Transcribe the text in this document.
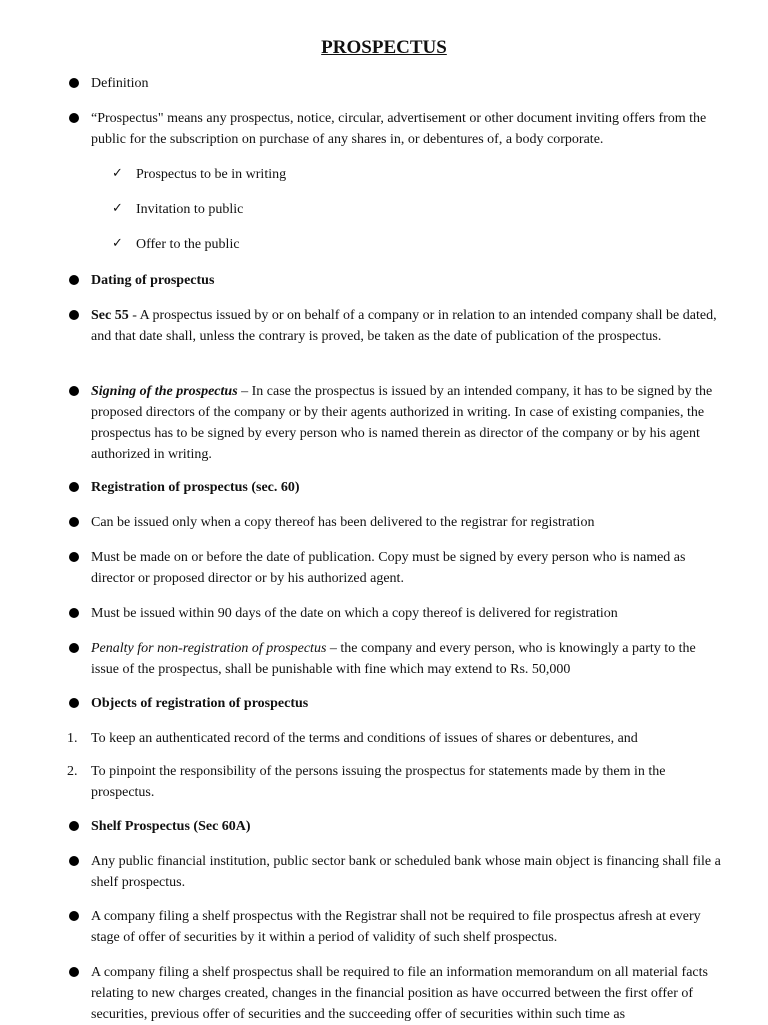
PROSPECTUS
Definition
“Prospectus" means any prospectus, notice, circular, advertisement or other document inviting offers from the public for the subscription on purchase of any shares in, or debentures of, a body corporate.
✓ Prospectus to be in writing
✓ Invitation to public
✓ Offer to the public
Dating of prospectus
Sec 55 - A prospectus issued by or on behalf of a company or in relation to an intended company shall be dated, and that date shall, unless the contrary is proved, be taken as the date of publication of the prospectus.
Signing of the prospectus – In case the prospectus is issued by an intended company, it has to be signed by the proposed directors of the company or by their agents authorized in writing. In case of existing companies, the prospectus has to be signed by every person who is named therein as director of the company or by his agent authorized in writing.
Registration of prospectus (sec. 60)
Can be issued only when a copy thereof has been delivered to the registrar for registration
Must be made on or before the date of publication. Copy must be signed by every person who is named as director or proposed director or by his authorized agent.
Must be issued within 90 days of the date on which a copy thereof is delivered for registration
Penalty for non-registration of prospectus – the company and every person, who is knowingly a party to the issue of the prospectus, shall be punishable with fine which may extend to Rs. 50,000
Objects of registration of prospectus
1. To keep an authenticated record of the terms and conditions of issues of shares or debentures, and
2. To pinpoint the responsibility of the persons issuing the prospectus for statements made by them in the prospectus.
Shelf Prospectus (Sec 60A)
Any public financial institution, public sector bank or scheduled bank whose main object is financing shall file a shelf prospectus.
A company filing a shelf prospectus with the Registrar shall not be required to file prospectus afresh at every stage of offer of securities by it within a period of validity of such shelf prospectus.
A company filing a shelf prospectus shall be required to file an information memorandum on all material facts relating to new charges created, changes in the financial position as have occurred between the first offer of securities, previous offer of securities and the succeeding offer of securities within such time as
